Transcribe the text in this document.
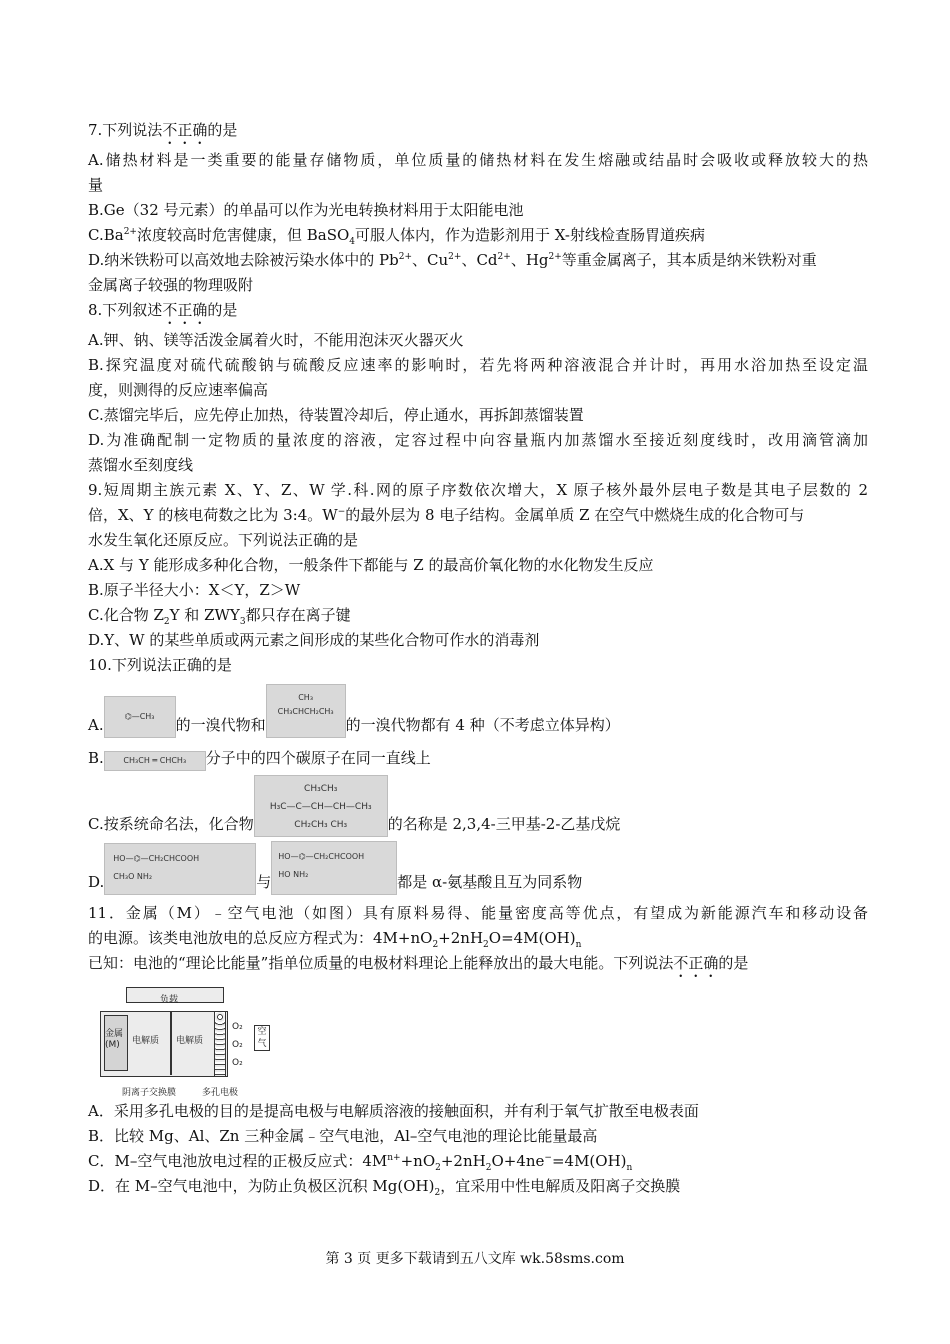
7.下列说法不正确的是
A.储热材料是一类重要的能量存储物质，单位质量的储热材料在发生熔融或结晶时会吸收或释放较大的热
量
B.Ge（32 号元素）的单晶可以作为光电转换材料用于太阳能电池
$C.Ba^{2+}$浓度较高时危害健康，但 BaSO$_4$可服人体内，作为造影剂用于 X-射线检查肠胃道疾病
D.纳米铁粉可以高效地去除被污染水体中的 $Pb^{2+}$、$Cu^{2+}$、$Cd^{2+}$、$Hg^{2+}$等重金属离子，其本质是纳米铁粉对重
金属离子较强的物理吸附
8.下列叙述不正确的是
A.钾、钠、镁等活泼金属着火时，不能用泡沫灭火器灭火
B.探究温度对硫代硫酸钠与硫酸反应速率的影响时，若先将两种溶液混合并计时，再用水浴加热至设定温
度，则测得的反应速率偏高
C.蒸馏完毕后，应先停止加热，待装置冷却后，停止通水，再拆卸蒸馏装置
D.为准确配制一定物质的量浓度的溶液，定容过程中向容量瓶内加蒸馏水至接近刻度线时，改用滴管滴加
蒸馏水至刻度线
9.短周期主族元素 X、Y、Z、W 学.科.网的原子序数依次增大，X 原子核外最外层电子数是其电子层数的 2
倍，X、Y 的核电荷数之比为 3:4。W−的最外层为 8 电子结构。金属单质 Z 在空气中燃烧生成的化合物可与
水发生氧化还原反应。下列说法正确的是
A.X 与 Y 能形成多种化合物，一般条件下都能与 Z 的最高价氧化物的水化物发生反应
B.原子半径大小：X＜Y，Z＞W
C.化合物 $Z_2Y$ 和 $ZWY_3$都只存在离子键
D.Y、W 的某些单质或两元素之间形成的某些化合物可作水的消毒剂
10.下列说法正确的是
A.	⌬—CH₃ 的一溴代物和CH₃
CH₃CHCH₂CH₃的一溴代物都有 4 种（不考虑立体异构）
B. CH₃CH ═ CHCH₃ 分子中的四个碳原子在同一直线上
C.按系统命名法，化合物CH₃CH₃
H₃C—C—CH—CH—CH₃
CH₂CH₃ CH₃	的名称是 2,3,4-三甲基-2-乙基戊烷
D.HO—⌬—CH₂CHCOOH
CH₃O NH₂	与HO—⌬—CH₂CHCOOH
HO NH₂	都是 α-氨基酸且互为同系物
11．金属（M）﹣空气电池（如图）具有原料易得、能量密度高等优点，有望成为新能源汽车和移动设备
的电源。该类电池放电的总反应方程式为：$4M+nO_2+2nH_2O=4M(OH)_n$
已知：电池的“理论比能量”指单位质量的电极材料理论上能释放出的最大电能。下列说法不正确的是
负载
金属(M)	电解质 电解质
O₂
O₂
O₂
空气
阴离子交换膜	多孔电极
A．采用多孔电极的目的是提高电极与电解质溶液的接触面积，并有利于氧气扩散至电极表面
B．比较 Mg、Al、Zn 三种金属﹣空气电池，Al–空气电池的理论比能量最高
C．M–空气电池放电过程的正极反应式：$4M^{n+}+nO_2+2nH_2O+4ne^-=4M(OH)_n$
D．在 M–空气电池中，为防止负极区沉积 $Mg(OH)_2$，宜采用中性电解质及阳离子交换膜
第 3 页 更多下载请到五八文库 wk.58sms.com
